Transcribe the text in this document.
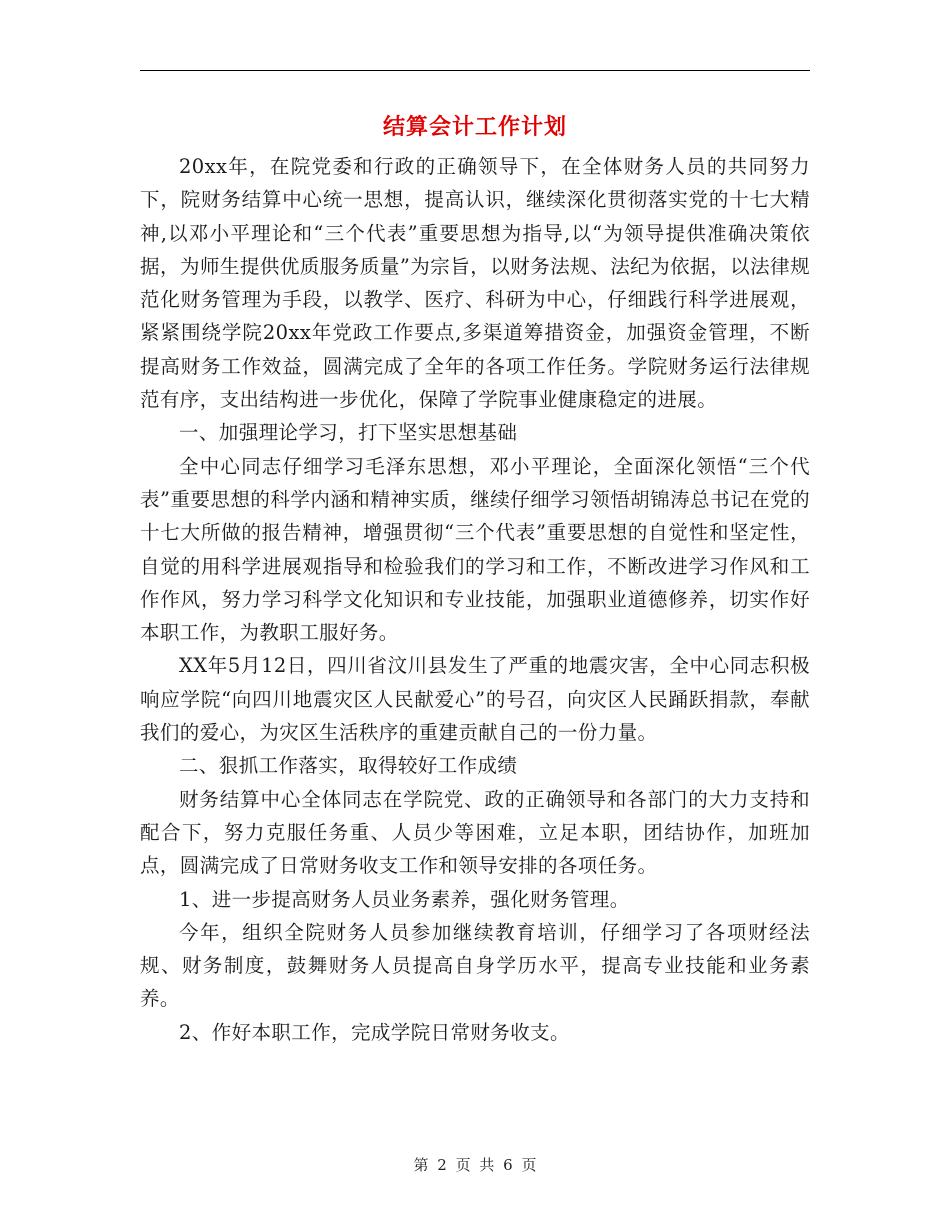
结算会计工作计划

20xx年，在院党委和行政的正确领导下，在全体财务人员的共同努力下，院财务结算中心统一思想，提高认识，继续深化贯彻落实党的十七大精神,以邓小平理论和“三个代表”重要思想为指导,以“为领导提供准确决策依据，为师生提供优质服务质量”为宗旨，以财务法规、法纪为依据，以法律规范化财务管理为手段，以教学、医疗、科研为中心，仔细践行科学进展观，紧紧围绕学院20xx年党政工作要点,多渠道筹措资金，加强资金管理，不断提高财务工作效益，圆满完成了全年的各项工作任务。学院财务运行法律规范有序，支出结构进一步优化，保障了学院事业健康稳定的进展。

一、加强理论学习，打下坚实思想基础

全中心同志仔细学习毛泽东思想，邓小平理论，全面深化领悟“三个代表”重要思想的科学内涵和精神实质，继续仔细学习领悟胡锦涛总书记在党的十七大所做的报告精神，增强贯彻“三个代表”重要思想的自觉性和坚定性，自觉的用科学进展观指导和检验我们的学习和工作，不断改进学习作风和工作作风，努力学习科学文化知识和专业技能，加强职业道德修养，切实作好本职工作，为教职工服好务。

XX年5月12日，四川省汶川县发生了严重的地震灾害，全中心同志积极响应学院“向四川地震灾区人民献爱心”的号召，向灾区人民踊跃捐款，奉献我们的爱心，为灾区生活秩序的重建贡献自己的一份力量。

二、狠抓工作落实，取得较好工作成绩

财务结算中心全体同志在学院党、政的正确领导和各部门的大力支持和配合下，努力克服任务重、人员少等困难，立足本职，团结协作，加班加点，圆满完成了日常财务收支工作和领导安排的各项任务。

1、进一步提高财务人员业务素养，强化财务管理。

今年，组织全院财务人员参加继续教育培训，仔细学习了各项财经法规、财务制度，鼓舞财务人员提高自身学历水平，提高专业技能和业务素养。

2、作好本职工作，完成学院日常财务收支。

第 2 页 共 6 页
